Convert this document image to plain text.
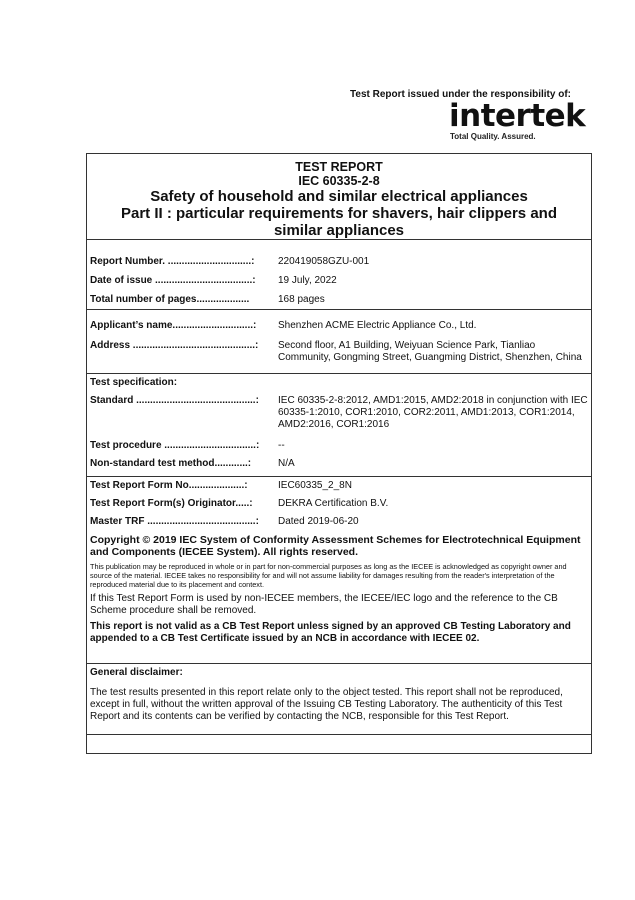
Test Report issued under the responsibility of:
intertek
Total Quality. Assured.
TEST REPORT
IEC 60335-2-8
Safety of household and similar electrical appliances
Part II : particular requirements for shavers, hair clippers and similar appliances
Report Number. ..............................:	220419058GZU-001
Date of issue ...................................:	19 July, 2022
Total number of pages...................	168 pages
Applicant’s name.............................:	Shenzhen ACME Electric Appliance Co., Ltd.
Address ............................................:	Second floor, A1 Building, Weiyuan Science Park, Tianliao Community, Gongming Street, Guangming District, Shenzhen, China
Test specification:
Standard ...........................................:	IEC 60335-2-8:2012, AMD1:2015, AMD2:2018 in conjunction with IEC 60335-1:2010, COR1:2010, COR2:2011, AMD1:2013, COR1:2014, AMD2:2016, COR1:2016
Test procedure .................................:	--
Non-standard test method............:	N/A
Test Report Form No....................:	IEC60335_2_8N
Test Report Form(s) Originator.....:	DEKRA Certification B.V.
Master TRF .......................................:	Dated 2019-06-20
Copyright © 2019 IEC System of Conformity Assessment Schemes for Electrotechnical Equipment and Components (IECEE System). All rights reserved.
This publication may be reproduced in whole or in part for non-commercial purposes as long as the IECEE is acknowledged as copyright owner and source of the material. IECEE takes no responsibility for and will not assume liability for damages resulting from the reader's interpretation of the reproduced material due to its placement and context.
If this Test Report Form is used by non-IECEE members, the IECEE/IEC logo and the reference to the CB Scheme procedure shall be removed.
This report is not valid as a CB Test Report unless signed by an approved CB Testing Laboratory and appended to a CB Test Certificate issued by an NCB in accordance with IECEE 02.
General disclaimer:
The test results presented in this report relate only to the object tested. This report shall not be reproduced, except in full, without the written approval of the Issuing CB Testing Laboratory. The authenticity of this Test Report and its contents can be verified by contacting the NCB, responsible for this Test Report.
